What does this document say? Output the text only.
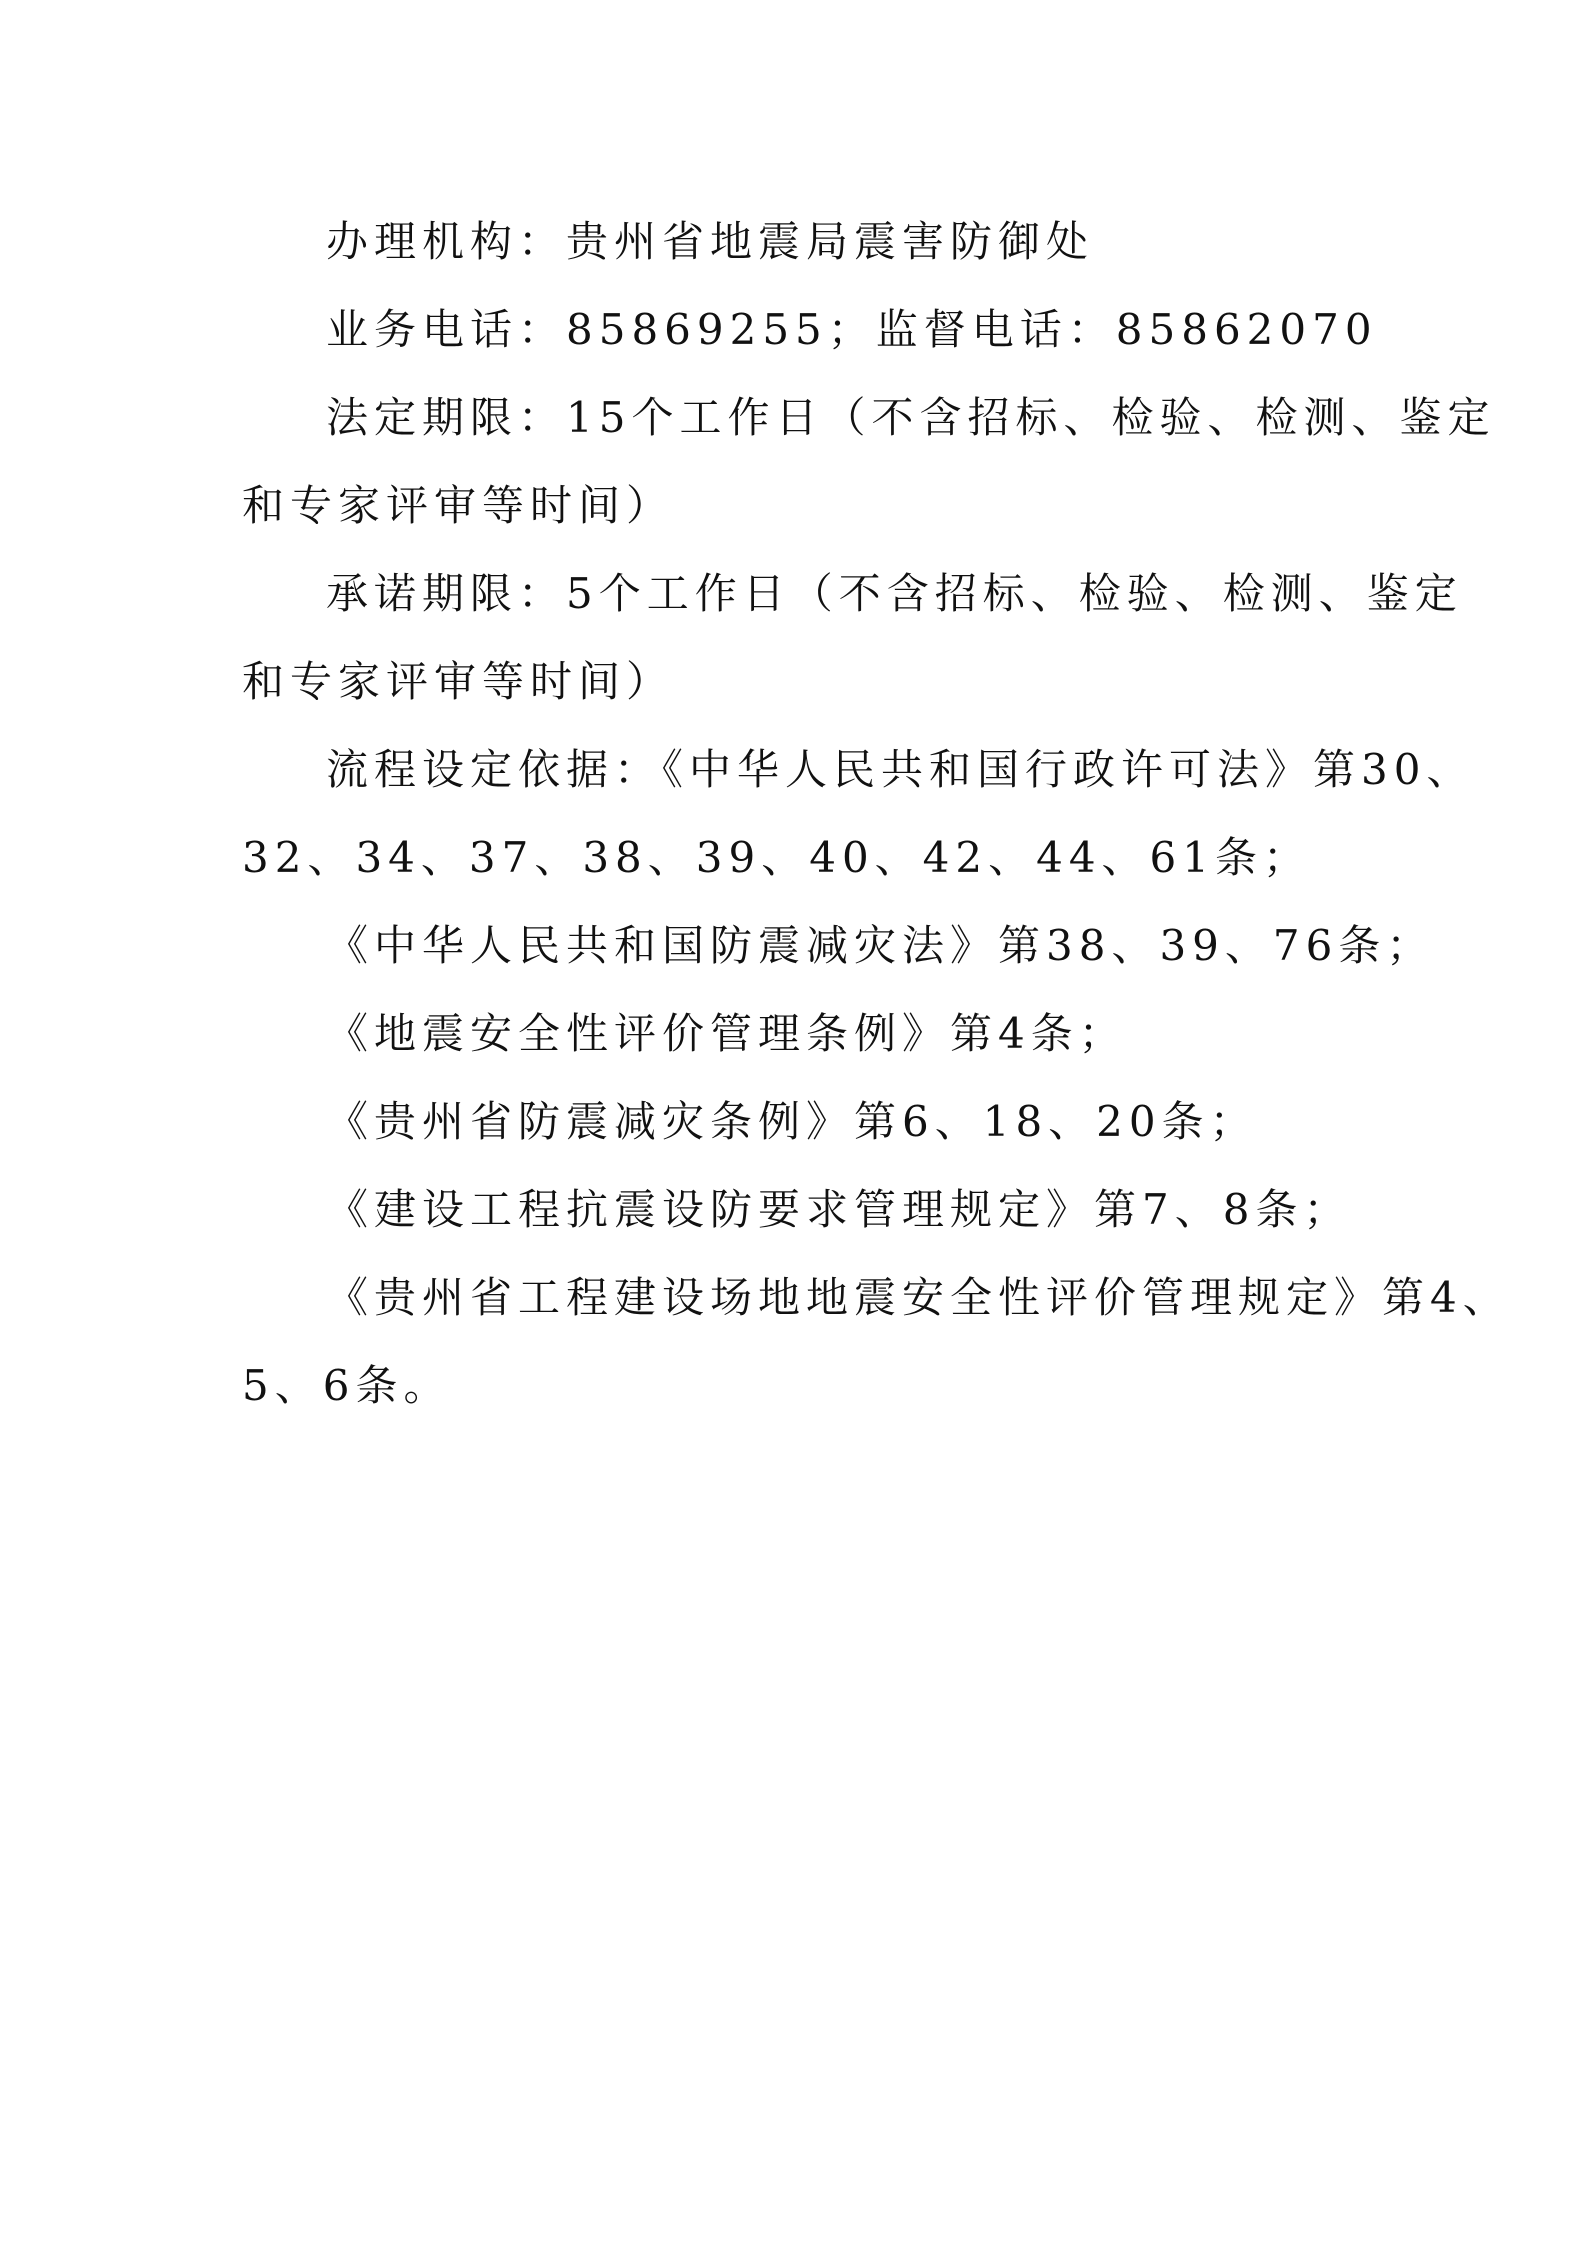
办理机构：贵州省地震局震害防御处
业务电话：85869255；监督电话：85862070
法定期限：15个工作日（不含招标、检验、检测、鉴定
和专家评审等时间）
承诺期限：5个工作日（不含招标、检验、检测、鉴定
和专家评审等时间）
流程设定依据：《中华人民共和国行政许可法》第30、
32、34、37、38、39、40、42、44、61条；
《中华人民共和国防震减灾法》第38、39、76条；
《地震安全性评价管理条例》第4条；
《贵州省防震减灾条例》第6、18、20条；
《建设工程抗震设防要求管理规定》第7、8条；
《贵州省工程建设场地地震安全性评价管理规定》第4、
5、6条。
